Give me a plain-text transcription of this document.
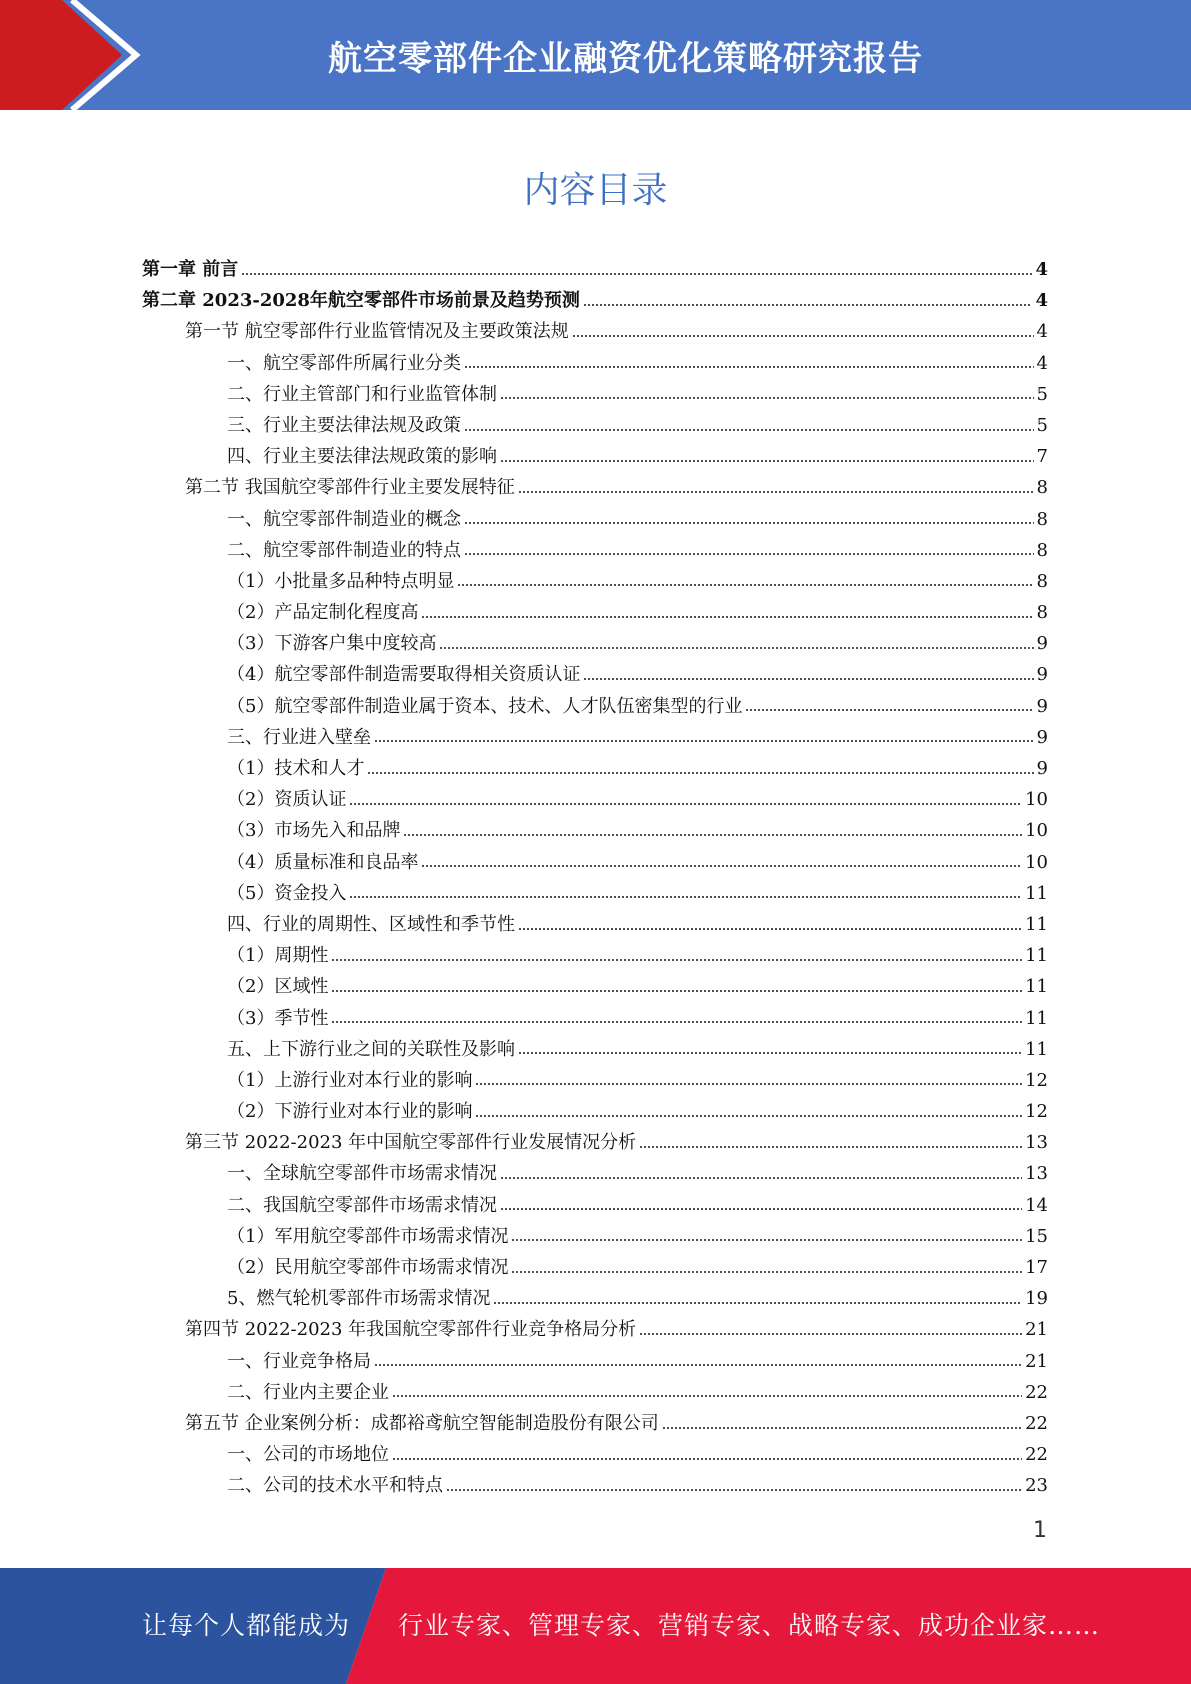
航空零部件企业融资优化策略研究报告
内容目录
第一章 前言	4
第二章 2023-2028年航空零部件市场前景及趋势预测	4
第一节 航空零部件行业监管情况及主要政策法规	4
一、航空零部件所属行业分类	4
二、行业主管部门和行业监管体制	5
三、行业主要法律法规及政策	5
四、行业主要法律法规政策的影响	7
第二节 我国航空零部件行业主要发展特征	8
一、航空零部件制造业的概念	8
二、航空零部件制造业的特点	8
（1）小批量多品种特点明显	8
（2）产品定制化程度高	8
（3）下游客户集中度较高	9
（4）航空零部件制造需要取得相关资质认证	9
（5）航空零部件制造业属于资本、技术、人才队伍密集型的行业	9
三、行业进入壁垒	9
（1）技术和人才	9
（2）资质认证	10
（3）市场先入和品牌	10
（4）质量标准和良品率	10
（5）资金投入	11
四、行业的周期性、区域性和季节性	11
（1）周期性	11
（2）区域性	11
（3）季节性	11
五、上下游行业之间的关联性及影响	11
（1）上游行业对本行业的影响	12
（2）下游行业对本行业的影响	12
第三节 2022-2023 年中国航空零部件行业发展情况分析	13
一、全球航空零部件市场需求情况	13
二、我国航空零部件市场需求情况	14
（1）军用航空零部件市场需求情况	15
（2）民用航空零部件市场需求情况	17
5、燃气轮机零部件市场需求情况	19
第四节 2022-2023 年我国航空零部件行业竞争格局分析	21
一、行业竞争格局	21
二、行业内主要企业	22
第五节 企业案例分析：成都裕鸢航空智能制造股份有限公司	22
一、公司的市场地位	22
二、公司的技术水平和特点	23
1
让每个人都能成为 行业专家、管理专家、营销专家、战略专家、成功企业家……
